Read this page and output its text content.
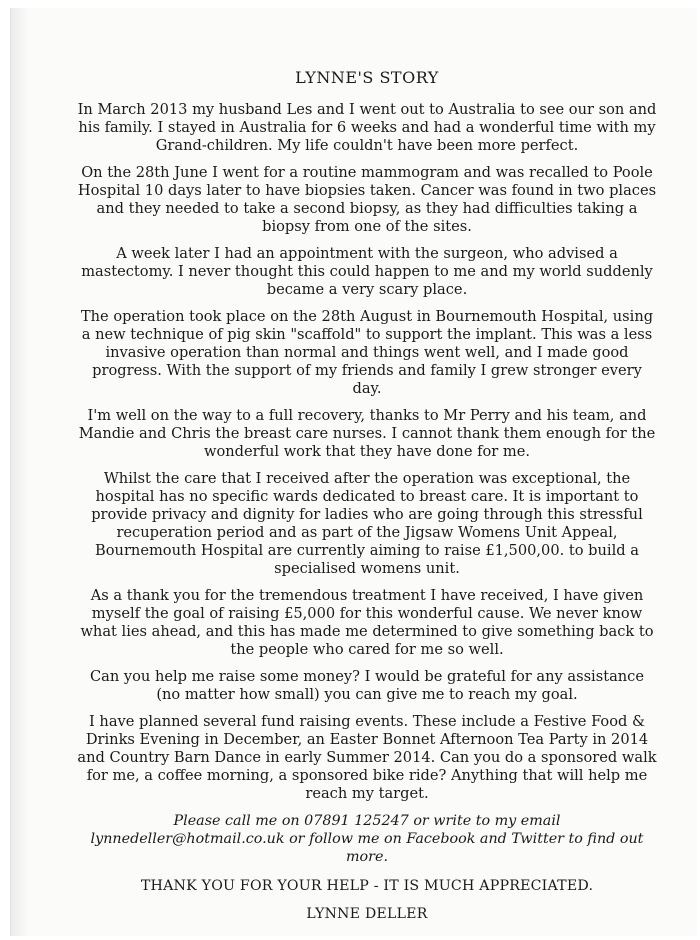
LYNNE'S STORY

In March 2013 my husband Les and I went out to Australia to see our son and his family. I stayed in Australia for 6 weeks and had a wonderful time with my Grand-children. My life couldn't have been more perfect.

On the 28th June I went for a routine mammogram and was recalled to Poole Hospital 10 days later to have biopsies taken. Cancer was found in two places and they needed to take a second biopsy, as they had difficulties taking a biopsy from one of the sites.

A week later I had an appointment with the surgeon, who advised a mastectomy. I never thought this could happen to me and my world suddenly became a very scary place.

The operation took place on the 28th August in Bournemouth Hospital, using a new technique of pig skin "scaffold" to support the implant. This was a less invasive operation than normal and things went well, and I made good progress. With the support of my friends and family I grew stronger every day.

I'm well on the way to a full recovery, thanks to Mr Perry and his team, and Mandie and Chris the breast care nurses. I cannot thank them enough for the wonderful work that they have done for me.

Whilst the care that I received after the operation was exceptional, the hospital has no specific wards dedicated to breast care. It is important to provide privacy and dignity for ladies who are going through this stressful recuperation period and as part of the Jigsaw Womens Unit Appeal, Bournemouth Hospital are currently aiming to raise £1,500,00. to build a specialised womens unit.

As a thank you for the tremendous treatment I have received, I have given myself the goal of raising £5,000 for this wonderful cause. We never know what lies ahead, and this has made me determined to give something back to the people who cared for me so well.

Can you help me raise some money? I would be grateful for any assistance (no matter how small) you can give me to reach my goal.

I have planned several fund raising events. These include a Festive Food & Drinks Evening in December, an Easter Bonnet Afternoon Tea Party in 2014 and Country Barn Dance in early Summer 2014. Can you do a sponsored walk for me, a coffee morning, a sponsored bike ride? Anything that will help me reach my target.

Please call me on 07891 125247 or write to my email lynnedeller@hotmail.co.uk or follow me on Facebook and Twitter to find out more.

THANK YOU FOR YOUR HELP - IT IS MUCH APPRECIATED.

LYNNE DELLER
